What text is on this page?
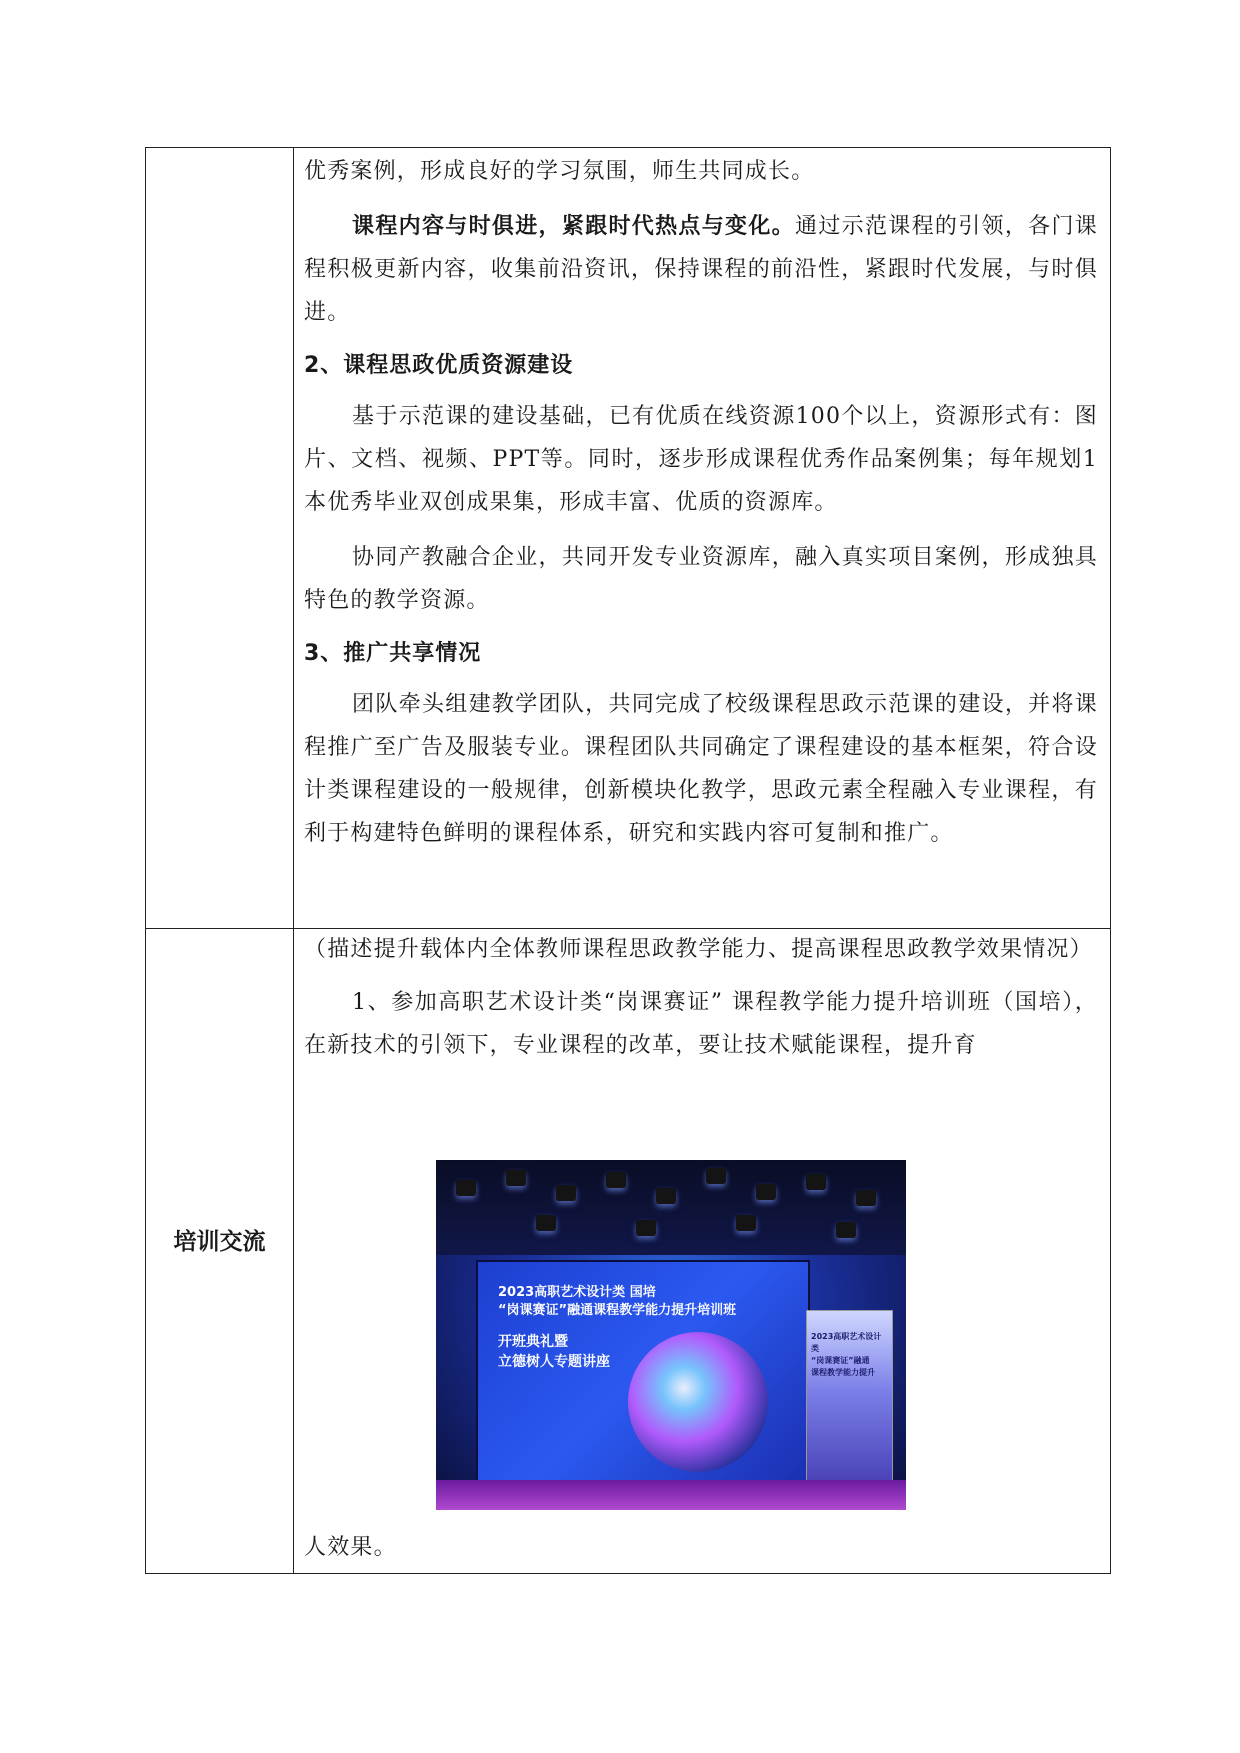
优秀案例，形成良好的学习氛围，师生共同成长。

课程内容与时俱进，紧跟时代热点与变化。通过示范课程的引领，各门课程积极更新内容，收集前沿资讯，保持课程的前沿性，紧跟时代发展，与时俱进。

2、课程思政优质资源建设

基于示范课的建设基础，已有优质在线资源100个以上，资源形式有：图片、文档、视频、PPT等。同时，逐步形成课程优秀作品案例集；每年规划1本优秀毕业双创成果集，形成丰富、优质的资源库。

协同产教融合企业，共同开发专业资源库，融入真实项目案例，形成独具特色的教学资源。

3、推广共享情况

团队牵头组建教学团队，共同完成了校级课程思政示范课的建设，并将课程推广至广告及服装专业。课程团队共同确定了课程建设的基本框架，符合设计类课程建设的一般规律，创新模块化教学，思政元素全程融入专业课程，有利于构建特色鲜明的课程体系，研究和实践内容可复制和推广。

培训交流

（描述提升载体内全体教师课程思政教学能力、提高课程思政教学效果情况）

1、参加高职艺术设计类“岗课赛证” 课程教学能力提升培训班（国培），在新技术的引领下，专业课程的改革，要让技术赋能课程，提升育

2023高职艺术设计类 国培
“岗课赛证”融通课程教学能力提升培训班
开班典礼暨
立德树人专题讲座
2023高职艺术设计类
“岗课赛证”融通
课程教学能力提升

人效果。
